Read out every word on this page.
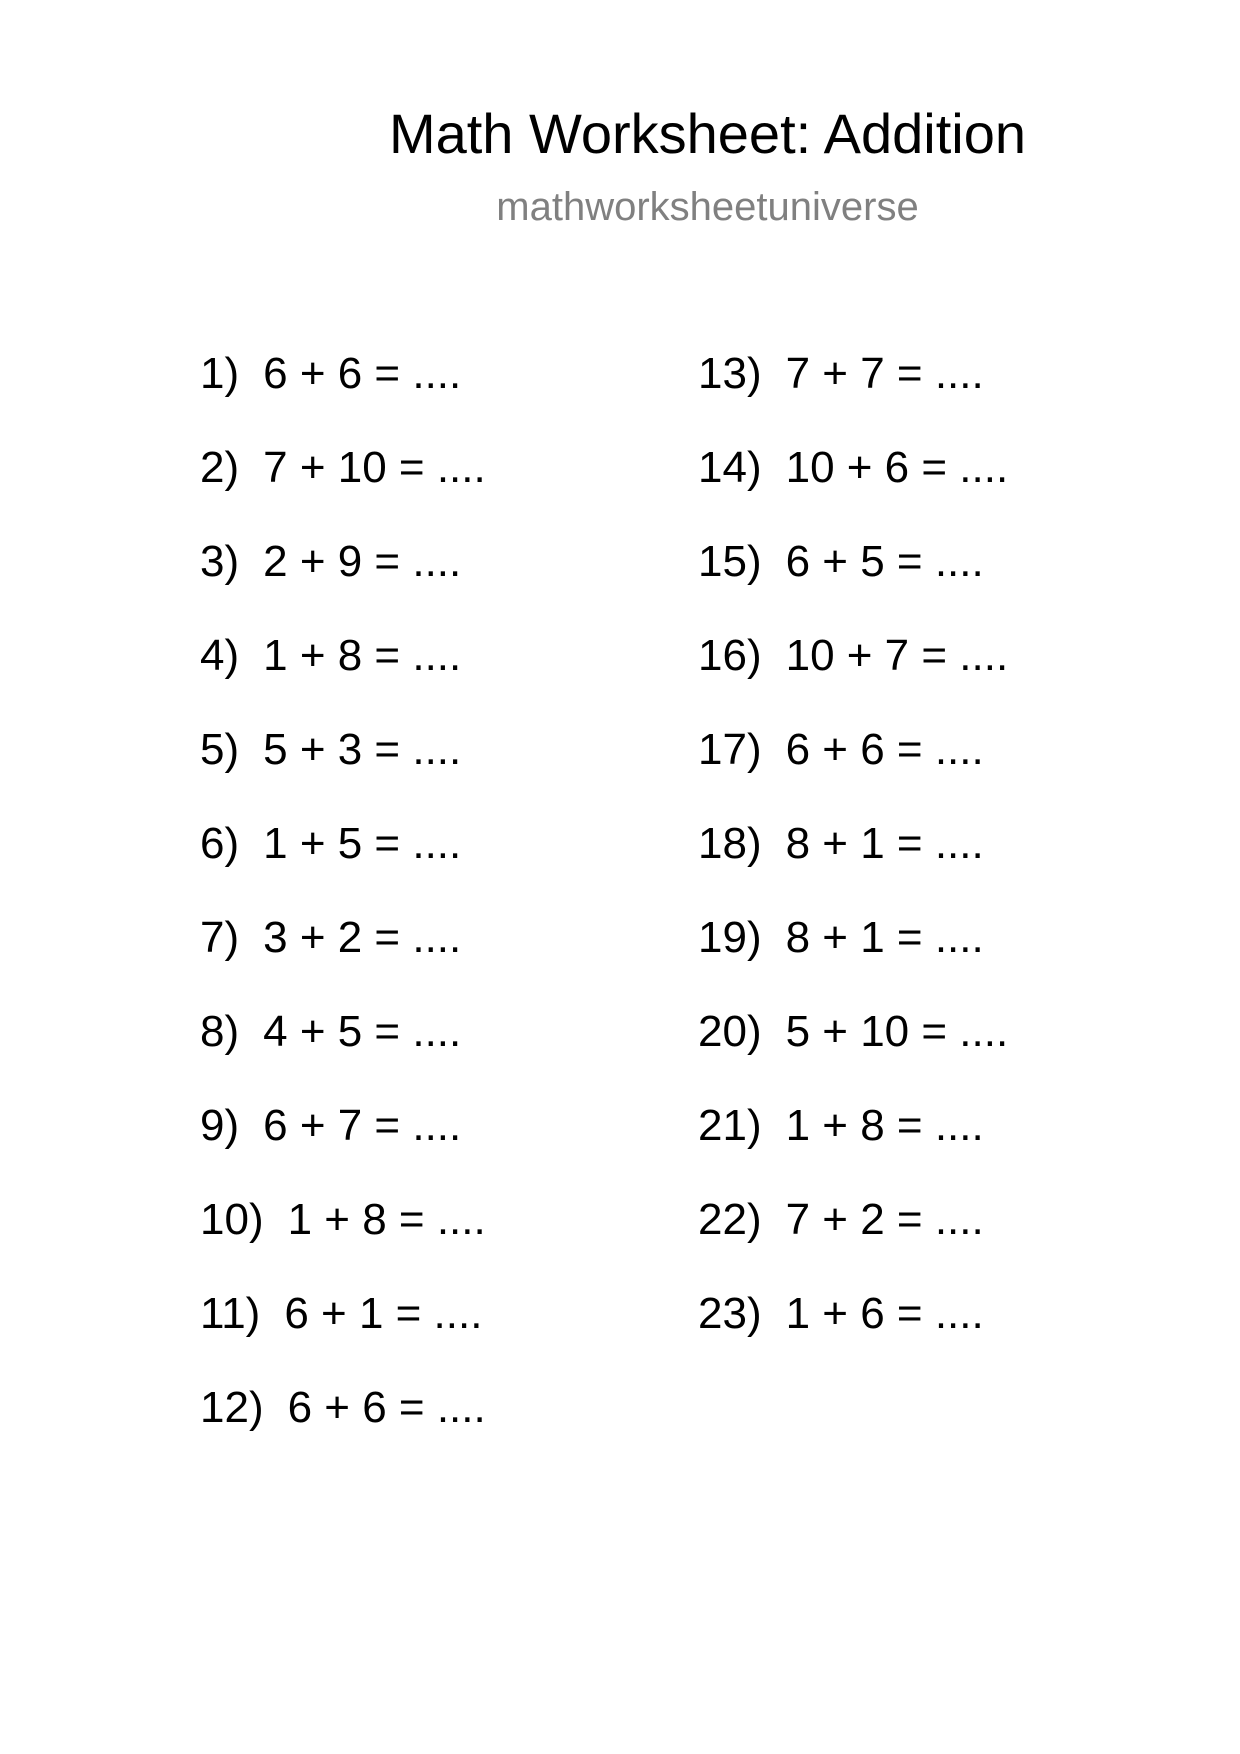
Math Worksheet: Addition
mathworksheetuniverse
1) 6 + 6 = ....
2) 7 + 10 = ....
3) 2 + 9 = ....
4) 1 + 8 = ....
5) 5 + 3 = ....
6) 1 + 5 = ....
7) 3 + 2 = ....
8) 4 + 5 = ....
9) 6 + 7 = ....
10) 1 + 8 = ....
11) 6 + 1 = ....
12) 6 + 6 = ....
13) 7 + 7 = ....
14) 10 + 6 = ....
15) 6 + 5 = ....
16) 10 + 7 = ....
17) 6 + 6 = ....
18) 8 + 1 = ....
19) 8 + 1 = ....
20) 5 + 10 = ....
21) 1 + 8 = ....
22) 7 + 2 = ....
23) 1 + 6 = ....
